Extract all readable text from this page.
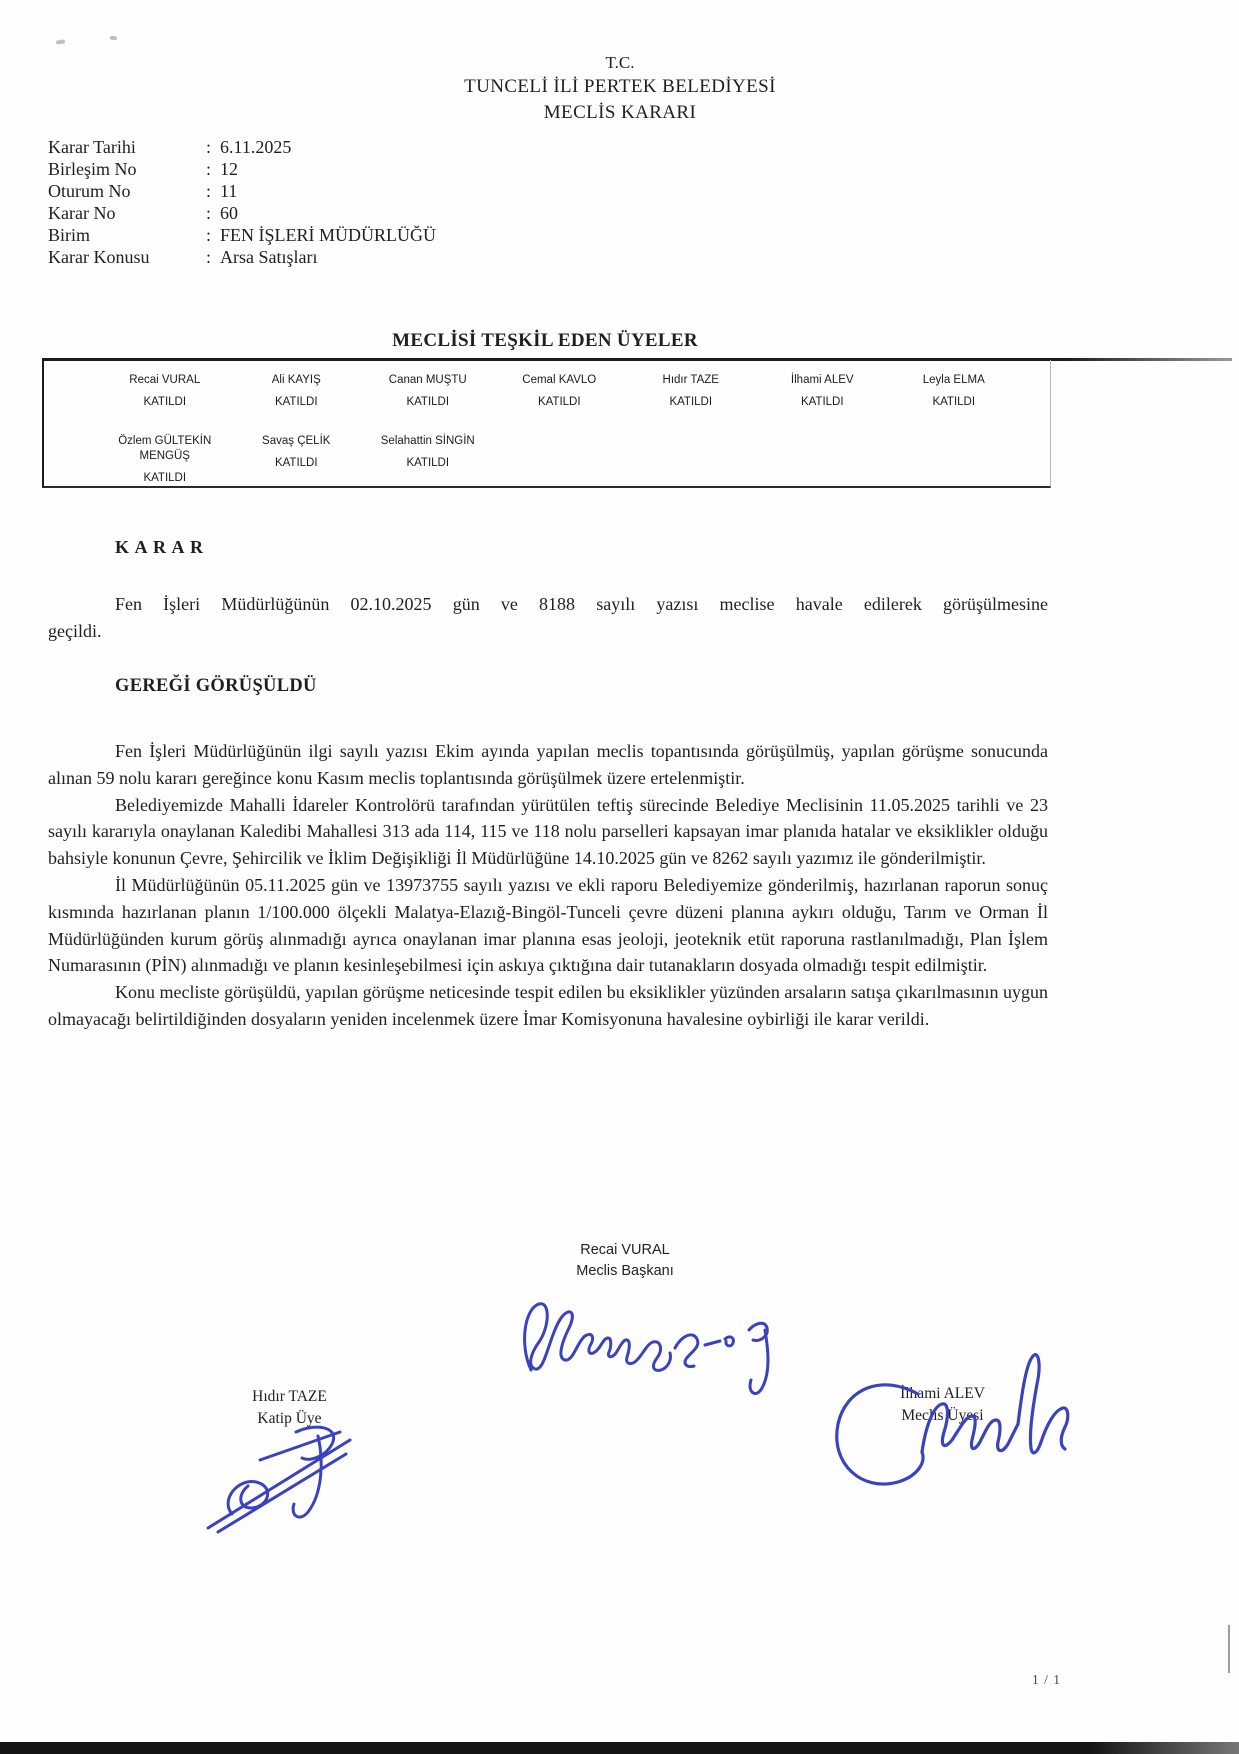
T.C.
TUNCELİ İLİ PERTEK BELEDİYESİ
MECLİS KARARI
Karar Tarihi	: 6.11.2025
Birleşim No	: 12
Oturum No	: 11
Karar No	: 60
Birim	: FEN İŞLERİ MÜDÜRLÜĞÜ
Karar Konusu	: Arsa Satışları
MECLİSİ TEŞKİL EDEN ÜYELER
Recai VURAL
KATILDI
Ali KAYIŞ
KATILDI
Canan MUŞTU
KATILDI
Cemal KAVLO
KATILDI
Hıdır TAZE
KATILDI
İlhami ALEV
KATILDI
Leyla ELMA
KATILDI
Özlem GÜLTEKİN MENGÜŞ
KATILDI
Savaş ÇELİK
KATILDI
Selahattin SİNGİN
KATILDI
K A R A R
Fen İşleri Müdürlüğünün 02.10.2025 gün ve 8188 sayılı yazısı meclise havale edilerek görüşülmesine
geçildi.
GEREĞİ GÖRÜŞÜLDÜ

Fen İşleri Müdürlüğünün ilgi sayılı yazısı Ekim ayında yapılan meclis topantısında görüşülmüş, yapılan görüşme sonucunda alınan 59 nolu kararı gereğince konu Kasım meclis toplantısında görüşülmek üzere ertelenmiştir.

Belediyemizde Mahalli İdareler Kontrolörü tarafından yürütülen teftiş sürecinde Belediye Meclisinin 11.05.2025 tarihli ve 23 sayılı kararıyla onaylanan Kaledibi Mahallesi 313 ada 114, 115 ve 118 nolu parselleri kapsayan imar planıda hatalar ve eksiklikler olduğu bahsiyle konunun Çevre, Şehircilik ve İklim Değişikliği İl Müdürlüğüne 14.10.2025 gün ve 8262 sayılı yazımız ile gönderilmiştir.

İl Müdürlüğünün 05.11.2025 gün ve 13973755 sayılı yazısı ve ekli raporu Belediyemize gönderilmiş, hazırlanan raporun sonuç kısmında hazırlanan planın 1/100.000 ölçekli Malatya-Elazığ-Bingöl-Tunceli çevre düzeni planına aykırı olduğu, Tarım ve Orman İl Müdürlüğünden kurum görüş alınmadığı ayrıca onaylanan imar planına esas jeoloji, jeoteknik etüt raporuna rastlanılmadığı, Plan İşlem Numarasının (PİN) alınmadığı ve planın kesinleşebilmesi için askıya çıktığına dair tutanakların dosyada olmadığı tespit edilmiştir.

Konu mecliste görüşüldü, yapılan görüşme neticesinde tespit edilen bu eksiklikler yüzünden arsaların satışa çıkarılmasının uygun olmayacağı belirtildiğinden dosyaların yeniden incelenmek üzere İmar Komisyonuna havalesine oybirliği ile karar verildi.

Recai VURAL
Meclis Başkanı
Hıdır TAZE
Katip Üye
İlhami ALEV
Meclis Üyesi
1 / 1
